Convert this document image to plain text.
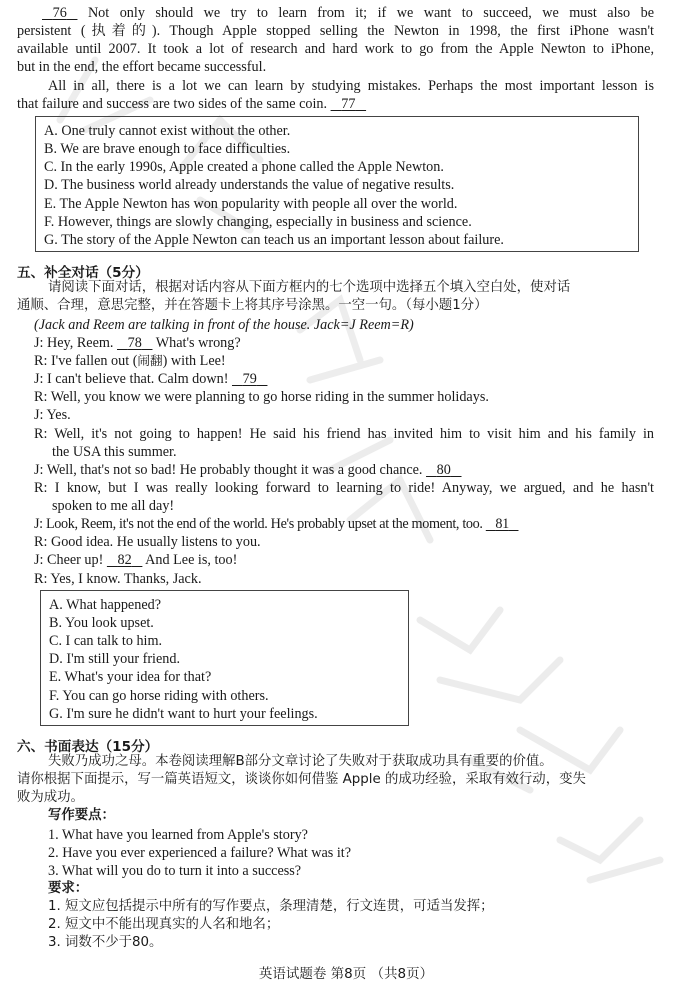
76    Not only should we try to learn from it; if we want to succeed, we must also be
persistent (执着的). Though Apple stopped selling the Newton in 1998, the first iPhone wasn't
available until 2007. It took a lot of research and hard work to go from the Apple Newton to iPhone,
but in the end, the effort became successful.
All in all, there is a lot we can learn by studying mistakes. Perhaps the most important lesson is
that failure and success are two sides of the same coin.    77
A. One truly cannot exist without the other.
B. We are brave enough to face difficulties.
C. In the early 1990s, Apple created a phone called the Apple Newton.
D. The business world already understands the value of negative results.
E. The Apple Newton has won popularity with people all over the world.
F. However, things are slowly changing, especially in business and science.
G. The story of the Apple Newton can teach us an important lesson about failure.
五、补全对话（5分）
请阅读下面对话，根据对话内容从下面方框内的七个选项中选择五个填入空白处，使对话
通顺、合理，意思完整，并在答题卡上将其序号涂黑。一空一句。（每小题1分）
(Jack and Reem are talking in front of the house. Jack=J Reem=R)
J: Hey, Reem.    78    What's wrong?
R: I've fallen out (闹翻) with Lee!
J: I can't believe that. Calm down!    79
R: Well, you know we were planning to go horse riding in the summer holidays.
J: Yes.
R: Well, it's not going to happen! He said his friend has invited him to visit him and his family in
the USA this summer.
J: Well, that's not so bad! He probably thought it was a good chance.    80
R: I know, but I was really looking forward to learning to ride! Anyway, we argued, and he hasn't
spoken to me all day!
J: Look, Reem, it's not the end of the world. He's probably upset at the moment, too.    81
R: Good idea. He usually listens to you.
J: Cheer up!    82    And Lee is, too!
R: Yes, I know. Thanks, Jack.
A. What happened?
B. You look upset.
C. I can talk to him.
D. I'm still your friend.
E. What's your idea for that?
F. You can go horse riding with others.
G. I'm sure he didn't want to hurt your feelings.
六、书面表达（15分）
失败乃成功之母。本卷阅读理解B部分文章讨论了失败对于获取成功具有重要的价值。
请你根据下面提示，写一篇英语短文，谈谈你如何借鉴 Apple 的成功经验，采取有效行动，变失
败为成功。
写作要点：
1. What have you learned from Apple's story?
2. Have you ever experienced a failure? What was it?
3. What will you do to turn it into a success?
要求：
1. 短文应包括提示中所有的写作要点，条理清楚，行文连贯，可适当发挥；
2. 短文中不能出现真实的人名和地名；
3. 词数不少于80。
英语试题卷 第8页 （共8页）
